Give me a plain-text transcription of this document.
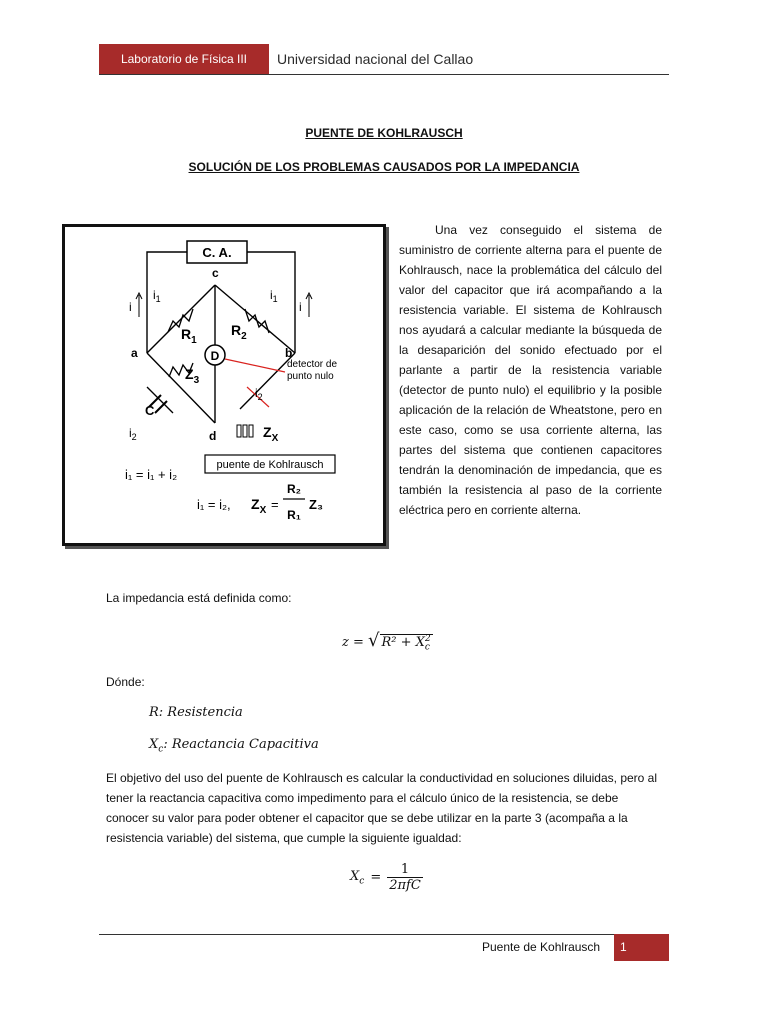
Laboratorio de Física III	Universidad nacional del Callao
PUENTE DE KOHLRAUSCH
SOLUCIÓN DE LOS PROBLEMAS CAUSADOS POR LA IMPEDANCIA
C. A.
D
detector de
punto nulo
c
a	b
d
$R_1$
$R_2$
$Z_3$
$Z_X$
C
i	i
$i_1$	$i_1$
$i_2$
$i_2$
puente de Kohlrausch
i₁ = i₁ + i₂
i₁ = i₂, $Z_X$ =
R₂
R₁
Z₃
Una vez conseguido el sistema de suministro de corriente alterna para el puente de Kohlrausch, nace la problemática del cálculo del valor del capacitor que irá acompañando a la resistencia variable. El sistema de Kohlrausch nos ayudará a calcular mediante la búsqueda de la desaparición del sonido efectuado por el parlante a partir de la resistencia variable (detector de punto nulo) el equilibrio y la posible aplicación de la relación de Wheatstone, pero en este caso, como se usa corriente alterna, las partes del sistema que contienen capacitores tendrán la denominación de impedancia, que es también la resistencia al paso de la corriente eléctrica pero en corriente alterna.
La impedancia está definida como:
z = √ $R^2 + X_c^2$
Dónde:
R: Resistencia
$X_c$: Reactancia Capacitiva
El objetivo del uso del puente de Kohlrausch es calcular la conductividad en soluciones diluidas, pero al tener la reactancia capacitiva como impedimento para el cálculo único de la resistencia, se debe conocer su valor para poder obtener el capacitor que se debe utilizar en la parte 3 (acompaña a la resistencia variable) del sistema, que cumple la siguiente igualdad:
$X_c$ =
1
2πfC
Puente de Kohlrausch	1
